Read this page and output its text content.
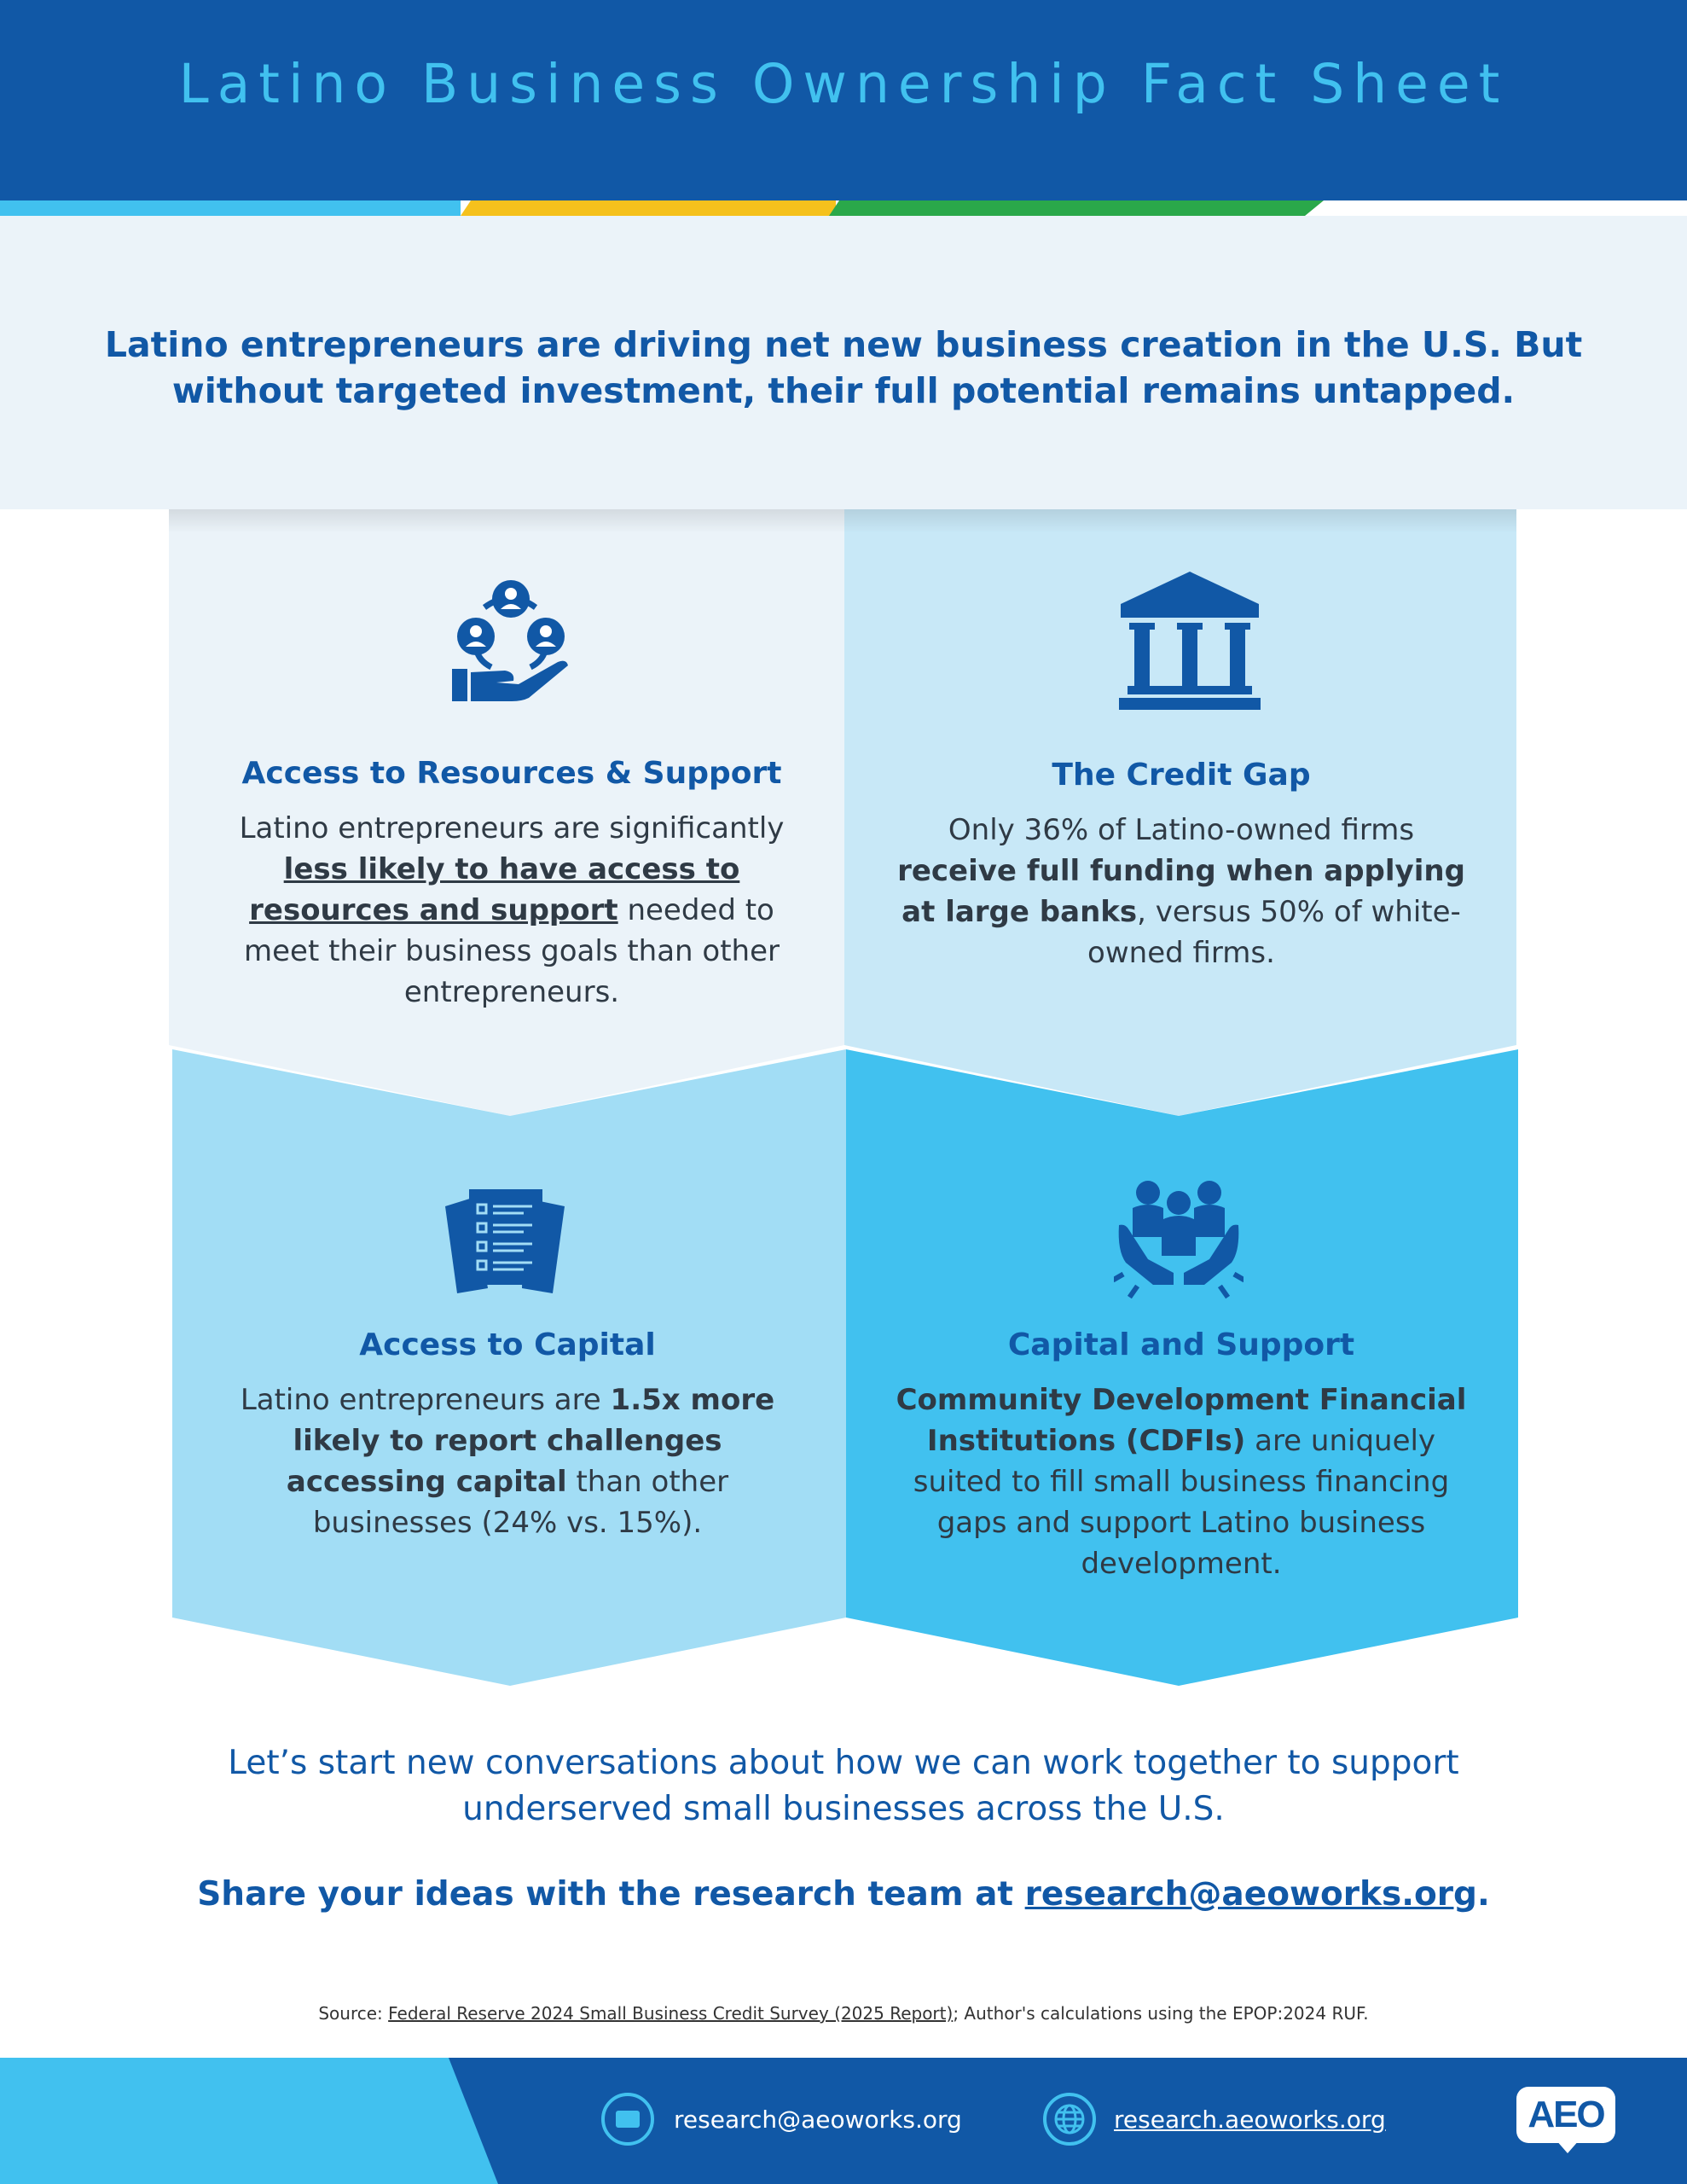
Latino Business Ownership Fact Sheet
Latino entrepreneurs are driving net new business creation in the U.S. But without targeted investment, their full potential remains untapped.
Access to Resources & Support
Latino entrepreneurs are significantly less likely to have access to resources and support needed to meet their business goals than other entrepreneurs.
The Credit Gap
Only 36% of Latino-owned firms receive full funding when applying at large banks, versus 50% of white-owned firms.
Access to Capital
Latino entrepreneurs are 1.5x more likely to report challenges accessing capital than other businesses (24% vs. 15%).
Capital and Support
Community Development Financial Institutions (CDFIs) are uniquely suited to fill small business financing gaps and support Latino business development.
Let’s start new conversations about how we can work together to support underserved small businesses across the U.S.
Share your ideas with the research team at research@aeoworks.org.
Source: Federal Reserve 2024 Small Business Credit Survey (2025 Report); Author's calculations using the EPOP:2024 RUF.
research@aeoworks.org	research.aeoworks.org	AEO
